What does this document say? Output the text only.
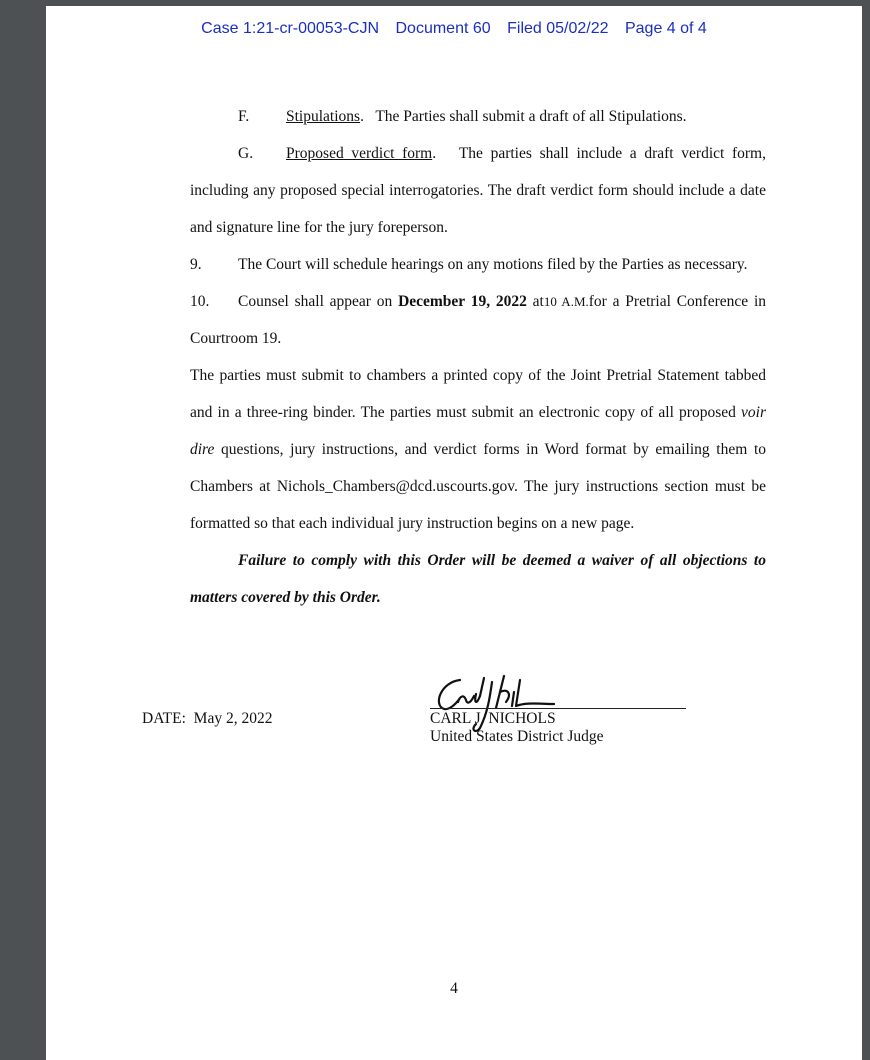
Case 1:21-cr-00053-CJN Document 60 Filed 05/02/22 Page 4 of 4

F. Stipulations.   The Parties shall submit a draft of all Stipulations.

G. Proposed verdict form.   The parties shall include a draft verdict form, including any proposed special interrogatories. The draft verdict form should include a date and signature line for the jury foreperson.

9. The Court will schedule hearings on any motions filed by the Parties as necessary.

10. Counsel shall appear on December 19, 2022 at10 A.M.for a Pretrial Conference in Courtroom 19.

The parties must submit to chambers a printed copy of the Joint Pretrial Statement tabbed and in a three-ring binder. The parties must submit an electronic copy of all proposed voir dire questions, jury instructions, and verdict forms in Word format by emailing them to Chambers at Nichols_Chambers@dcd.uscourts.gov. The jury instructions section must be formatted so that each individual jury instruction begins on a new page.

Failure to comply with this Order will be deemed a waiver of all objections to matters covered by this Order.

DATE: May 2, 2022	CARL J. NICHOLS
United States District Judge
4
